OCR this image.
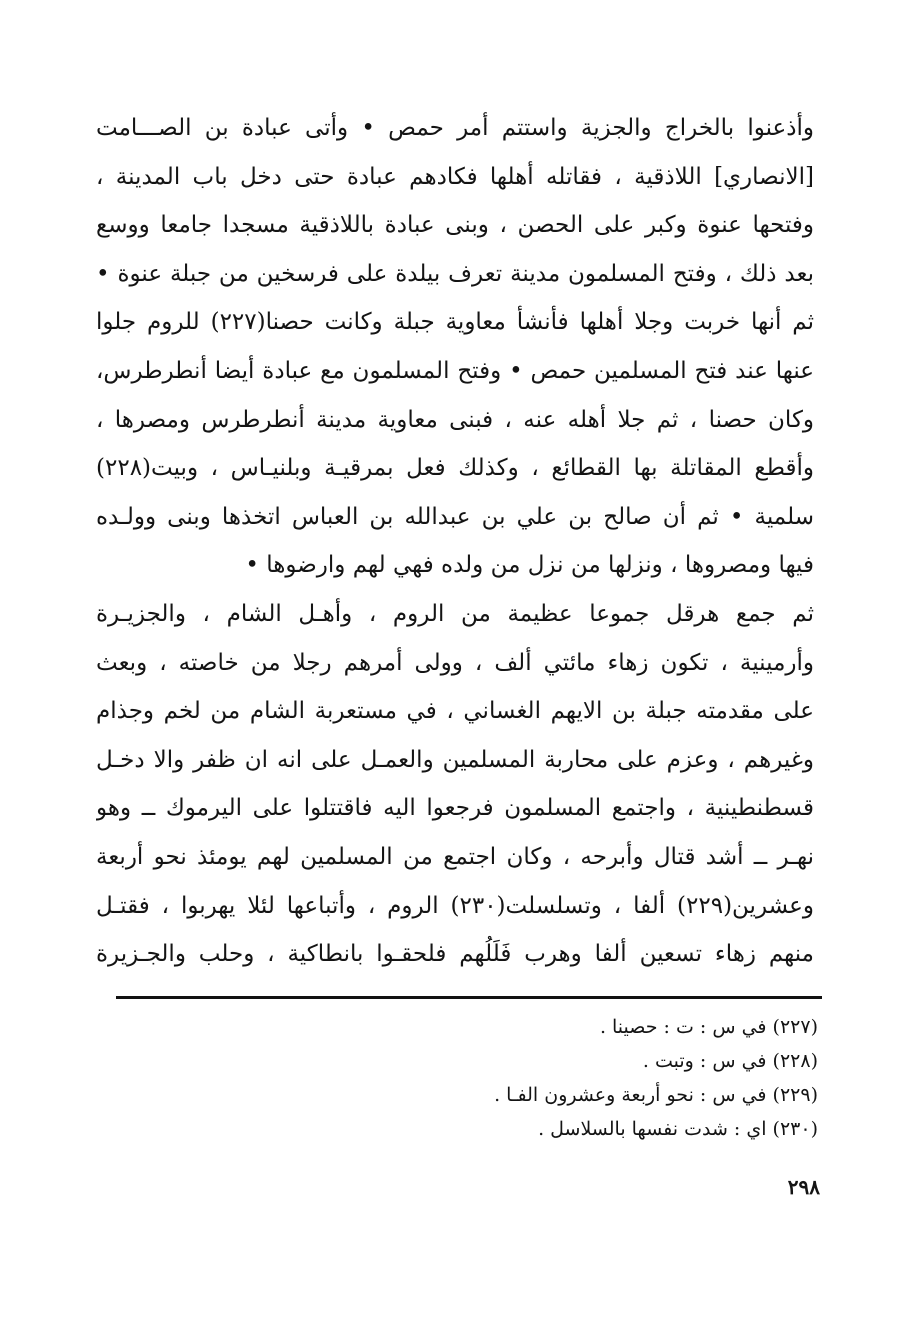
وأذعنوا بالخراج والجزية واستتم أمر حمص • وأتى عبادة بن الصـــامت
[الانصاري] اللاذقية ، فقاتله أهلها فكادهم عبادة حتى دخل باب المدينة ،
وفتحها عنوة وكبر على الحصن ، وبنى عبادة باللاذقية مسجدا جامعا ووسع
بعد ذلك ، وفتح المسلمون مدينة تعرف بيلدة على فرسخين من جبلة عنوة •
ثم أنها خربت وجلا أهلها فأنشأ معاوية جبلة وكانت حصنا(٢٢٧) للروم جلوا
عنها عند فتح المسلمين حمص • وفتح المسلمون مع عبادة أيضا أنطرطرس،
وكان حصنا ، ثم جلا أهله عنه ، فبنى معاوية مدينة أنطرطرس ومصرها ،
وأقطع المقاتلة بها القطائع ، وكذلك فعل بمرقيـة وبلنيـاس ، وبيت(٢٢٨)
سلمية • ثم أن صالح بن علي بن عبدالله بن العباس اتخذها وبنى وولـده
فيها ومصروها ، ونزلها من نزل من ولده فهي لهم وارضوها •
ثم جمع هرقل جموعا عظيمة من الروم ، وأهـل الشام ، والجزيـرة
وأرمينية ، تكون زهاء مائتي ألف ، وولى أمرهم رجلا من خاصته ، وبعث
على مقدمته جبلة بن الايهم الغساني ، في مستعربة الشام من لخم وجذام
وغيرهم ، وعزم على محاربة المسلمين والعمـل على انه ان ظفر والا دخـل
قسطنطينية ، واجتمع المسلمون فرجعوا اليه فاقتتلوا على اليرموك ــ وهو
نهـر ــ أشد قتال وأبرحه ، وكان اجتمع من المسلمين لهم يومئذ نحو أربعة
وعشرين(٢٢٩) ألفا ، وتسلسلت(٢٣٠) الروم ، وأتباعها لئلا يهربوا ، فقتـل
منهم زهاء تسعين ألفا وهرب فَلَلُهم فلحقـوا بانطاكية ، وحلب والجـزيرة
(٢٢٧) في س : ت : حصينا .
(٢٢٨) في س : وتبت .
(٢٢٩) في س : نحو أربعة وعشرون الفـا .
(٢٣٠) اي : شدت نفسها بالسلاسل .
٢٩٨
